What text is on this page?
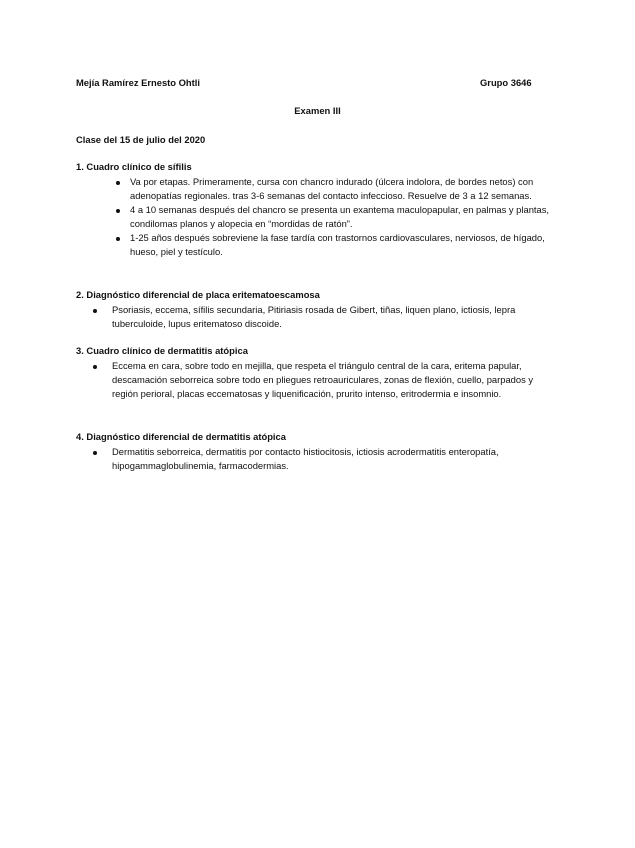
Mejía Ramírez Ernesto Ohtli	Grupo 3646
Examen III
Clase del 15 de julio del 2020

1. Cuadro clínico de sífilis

Va por etapas. Primeramente, cursa con chancro indurado (úlcera indolora, de bordes netos) con adenopatías regionales. tras 3-6 semanas del contacto infeccioso. Resuelve de 3 a 12 semanas.
4 a 10 semanas después del chancro se presenta un exantema maculopapular, en palmas y plantas, condilomas planos y alopecia en “mordidas de ratón”.
1-25 años después sobreviene la fase tardía con trastornos cardiovasculares, nerviosos, de hígado, hueso, piel y testículo.

2. Diagnóstico diferencial de placa eritematoescamosa

Psoriasis, eccema, sífilis secundaria, Pitiriasis rosada de Gibert, tiñas, liquen plano, ictiosis, lepra tuberculoide, lupus eritematoso discoide.

3. Cuadro clínico de dermatitis atópica

Eccema en cara, sobre todo en mejilla, que respeta el triángulo central de la cara, eritema papular, descamación seborreica sobre todo en pliegues retroauriculares, zonas de flexión, cuello, parpados y región perioral, placas eccematosas y liquenificación, prurito intenso, eritrodermia e insomnio.

4. Diagnóstico diferencial de dermatitis atópica

Dermatitis seborreica, dermatitis por contacto histiocitosis, ictiosis acrodermatitis enteropatía, hipogammaglobulinemia, farmacodermias.
